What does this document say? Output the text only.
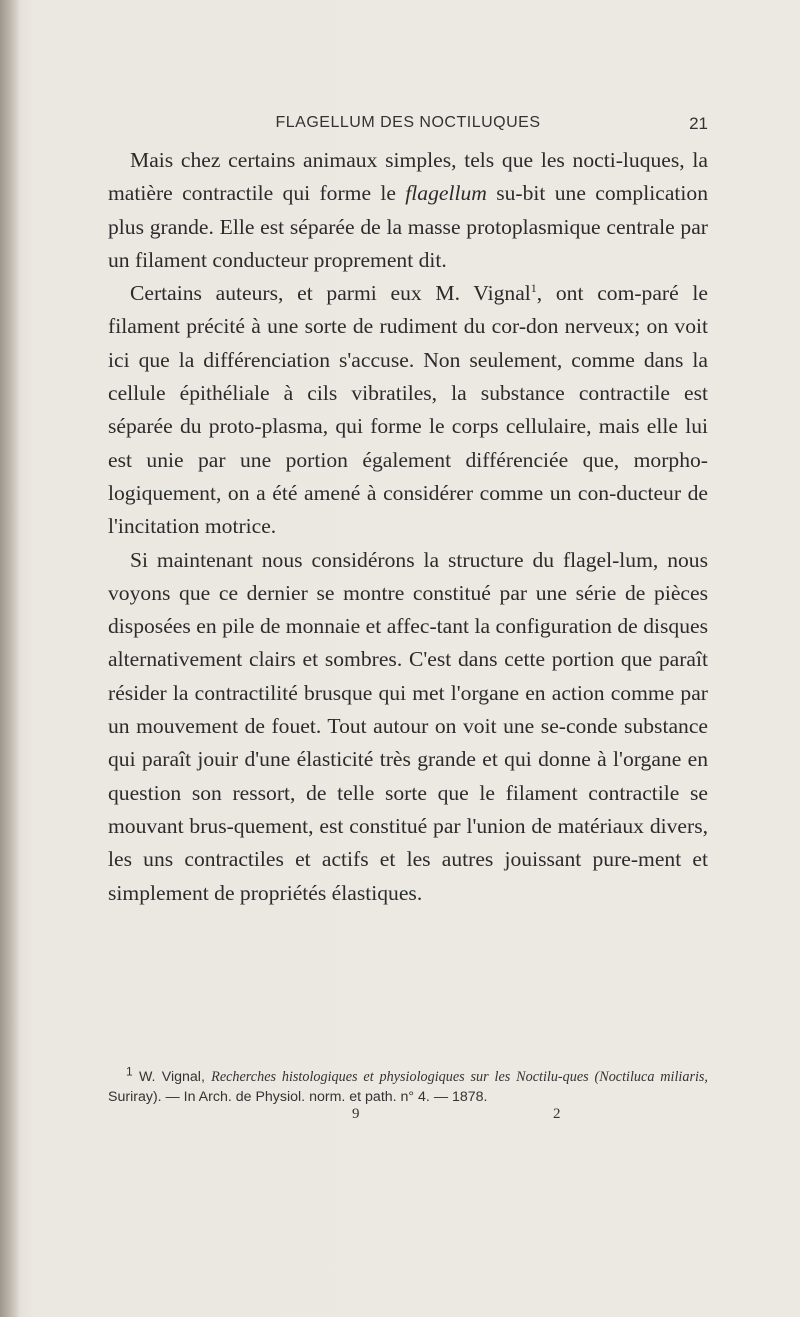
FLAGELLUM DES NOCTILUQUES	21

Mais chez certains animaux simples, tels que les nocti-luques, la matière contractile qui forme le flagellum su-bit une complication plus grande. Elle est séparée de la masse protoplasmique centrale par un filament conducteur proprement dit.

Certains auteurs, et parmi eux M. Vignal$^1$, ont com-paré le filament précité à une sorte de rudiment du cor-don nerveux; on voit ici que la différenciation s'accuse. Non seulement, comme dans la cellule épithéliale à cils vibratiles, la substance contractile est séparée du proto-plasma, qui forme le corps cellulaire, mais elle lui est unie par une portion également différenciée que, morpho-logiquement, on a été amené à considérer comme un con-ducteur de l'incitation motrice.

Si maintenant nous considérons la structure du flagel-lum, nous voyons que ce dernier se montre constitué par une série de pièces disposées en pile de monnaie et affec-tant la configuration de disques alternativement clairs et sombres. C'est dans cette portion que paraît résider la contractilité brusque qui met l'organe en action comme par un mouvement de fouet. Tout autour on voit une se-conde substance qui paraît jouir d'une élasticité très grande et qui donne à l'organe en question son ressort, de telle sorte que le filament contractile se mouvant brus-quement, est constitué par l'union de matériaux divers, les uns contractiles et actifs et les autres jouissant pure-ment et simplement de propriétés élastiques.

$^1$ W. Vignal, Recherches histologiques et physiologiques sur les Noctilu-ques (Noctiluca miliaris, Suriray). — In Arch. de Physiol. norm. et path. n° 4. — 1878.

9	2
